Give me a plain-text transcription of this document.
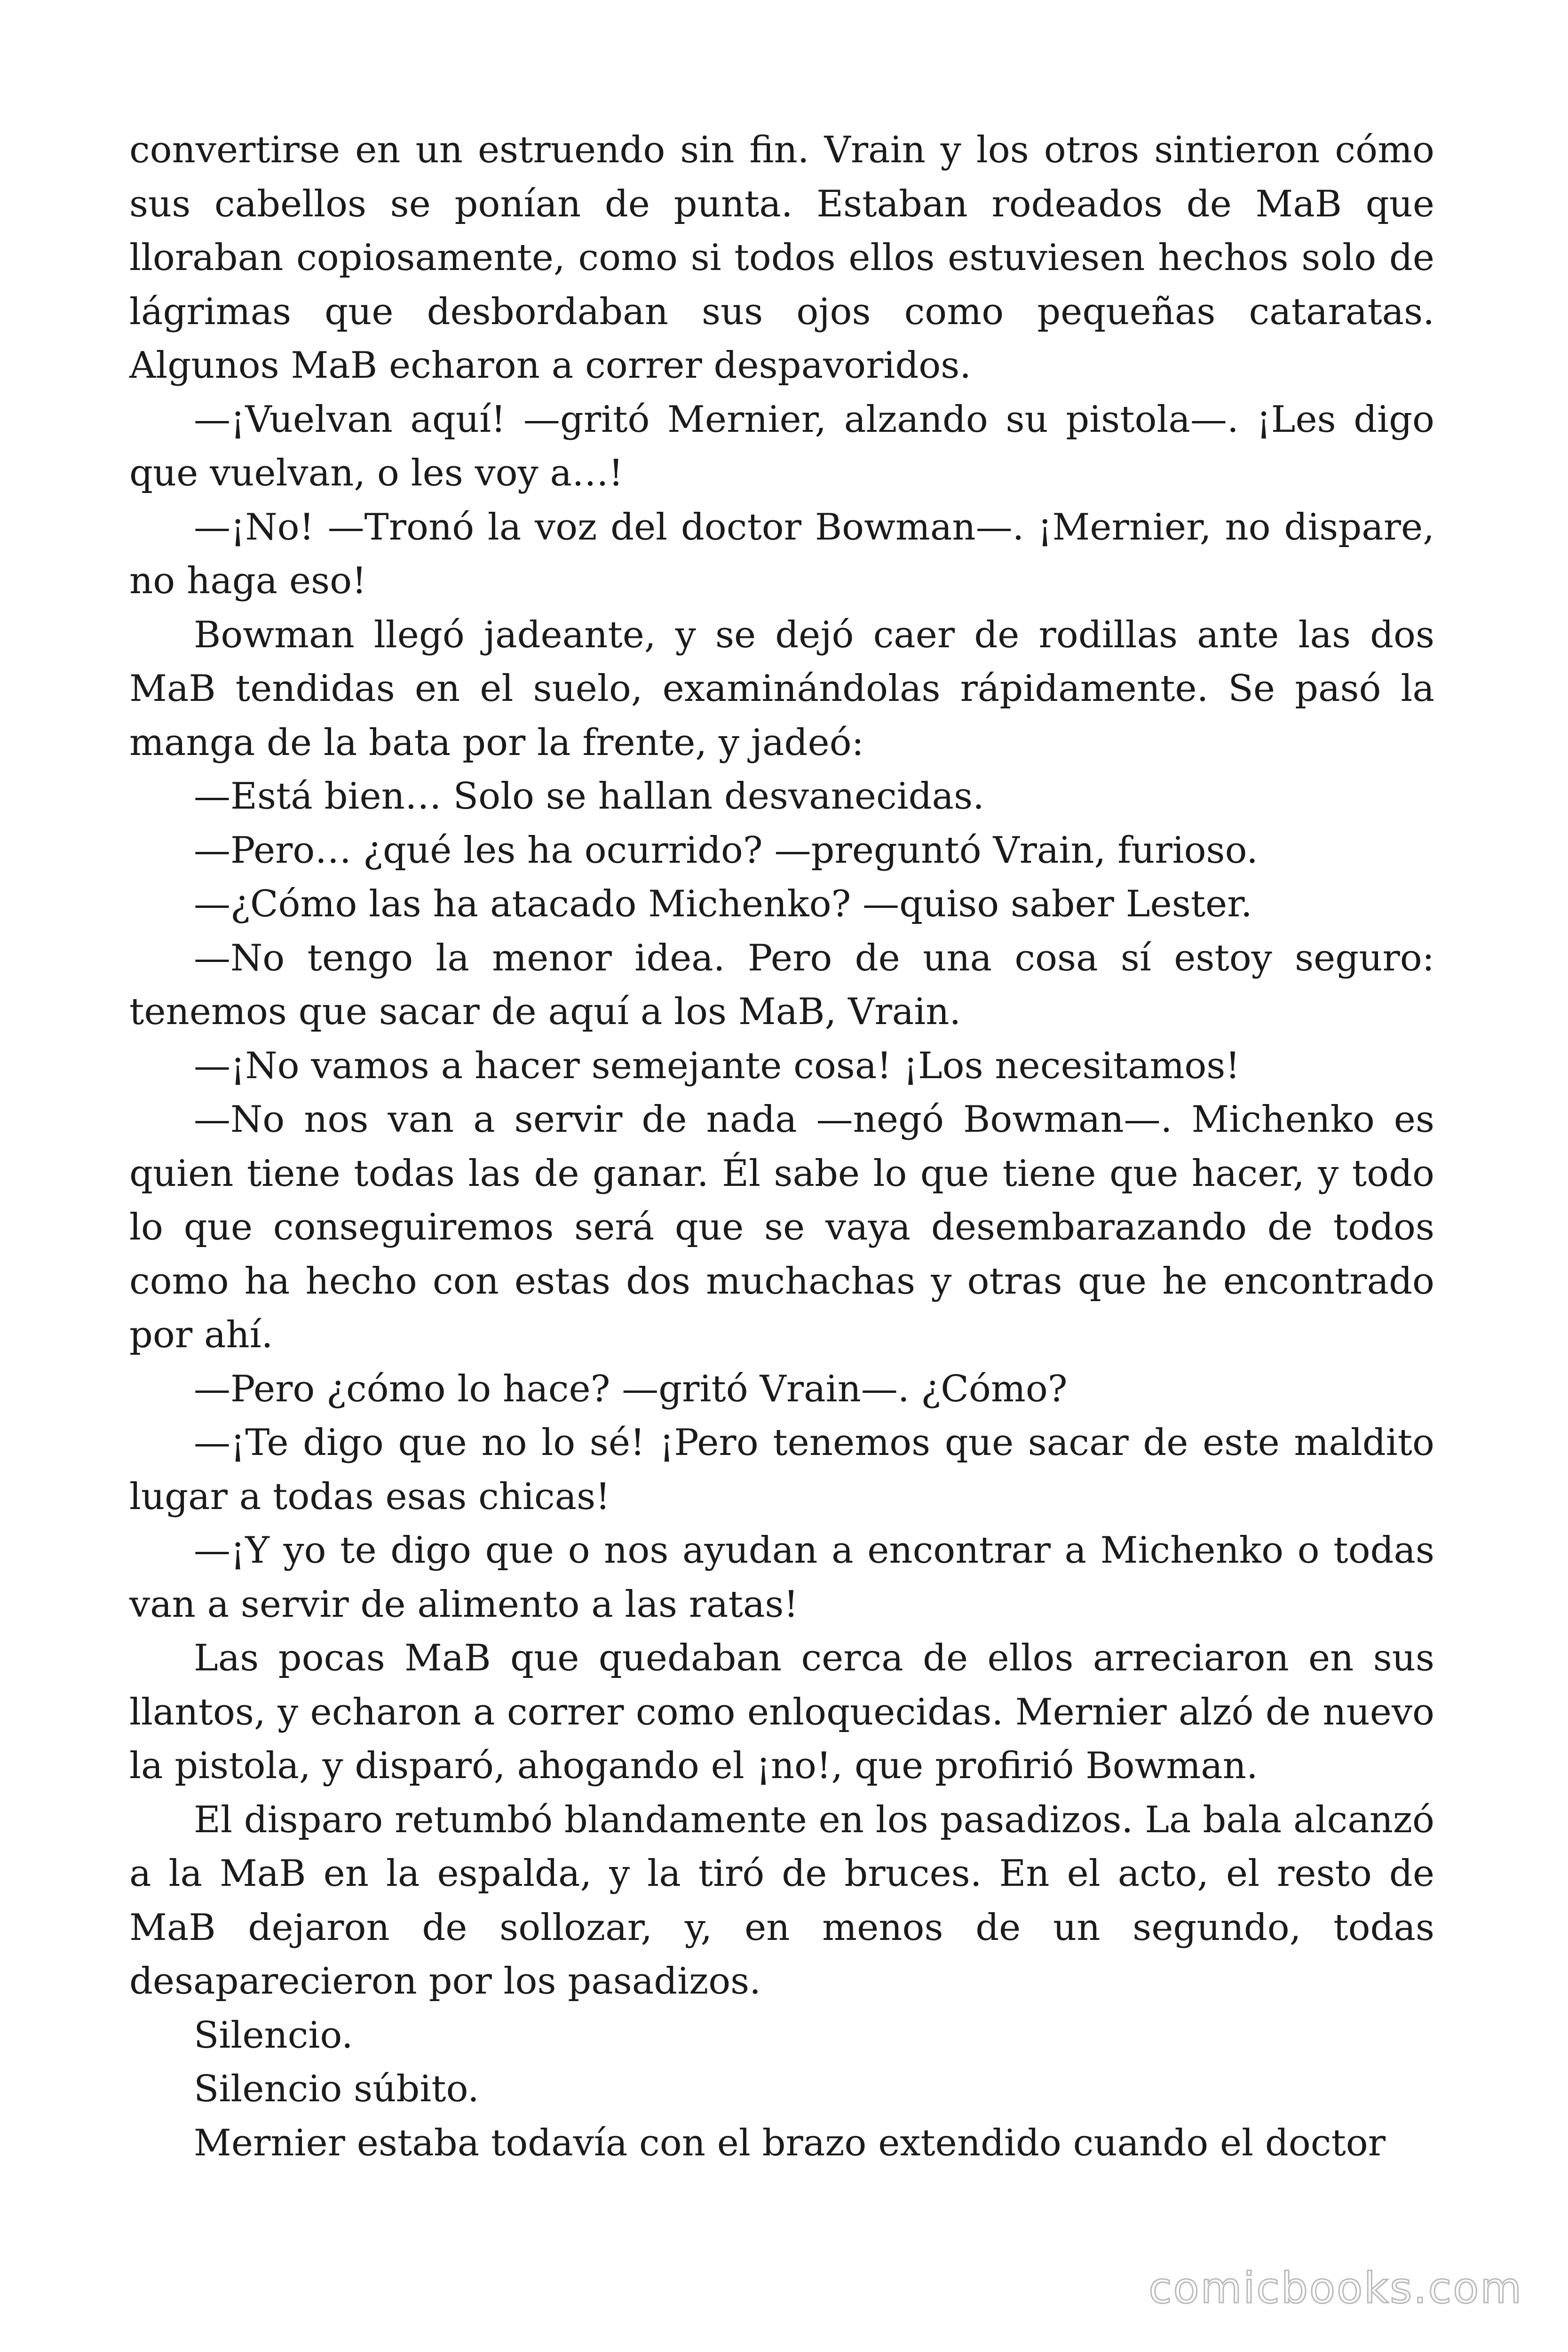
convertirse en un estruendo sin fin. Vrain y los otros sintieron cómo sus cabellos se ponían de punta. Estaban rodeados de MaB que lloraban copiosamente, como si todos ellos estuviesen hechos solo de lágrimas que desbordaban sus ojos como pequeñas cataratas. Algunos MaB echaron a correr despavoridos.

—¡Vuelvan aquí! —gritó Mernier, alzando su pistola—. ¡Les digo que vuelvan, o les voy a…!

—¡No! —Tronó la voz del doctor Bowman—. ¡Mernier, no dispare, no haga eso!

Bowman llegó jadeante, y se dejó caer de rodillas ante las dos MaB tendidas en el suelo, examinándolas rápidamente. Se pasó la manga de la bata por la frente, y jadeó:

—Está bien… Solo se hallan desvanecidas.

—Pero… ¿qué les ha ocurrido? —preguntó Vrain, furioso.

—¿Cómo las ha atacado Michenko? —quiso saber Lester.

—No tengo la menor idea. Pero de una cosa sí estoy seguro: tenemos que sacar de aquí a los MaB, Vrain.

—¡No vamos a hacer semejante cosa! ¡Los necesitamos!

—No nos van a servir de nada —negó Bowman—. Michenko es quien tiene todas las de ganar. Él sabe lo que tiene que hacer, y todo lo que conseguiremos será que se vaya desembarazando de todos como ha hecho con estas dos muchachas y otras que he encontrado por ahí.

—Pero ¿cómo lo hace? —gritó Vrain—. ¿Cómo?

—¡Te digo que no lo sé! ¡Pero tenemos que sacar de este maldito lugar a todas esas chicas!

—¡Y yo te digo que o nos ayudan a encontrar a Michenko o todas van a servir de alimento a las ratas!

Las pocas MaB que quedaban cerca de ellos arreciaron en sus llantos, y echaron a correr como enloquecidas. Mernier alzó de nuevo la pistola, y disparó, ahogando el ¡no!, que profirió Bowman.

El disparo retumbó blandamente en los pasadizos. La bala alcanzó a la MaB en la espalda, y la tiró de bruces. En el acto, el resto de MaB dejaron de sollozar, y, en menos de un segundo, todas desaparecieron por los pasadizos.

Silencio.

Silencio súbito.

Mernier estaba todavía con el brazo extendido cuando el doctor

comicbooks.com
